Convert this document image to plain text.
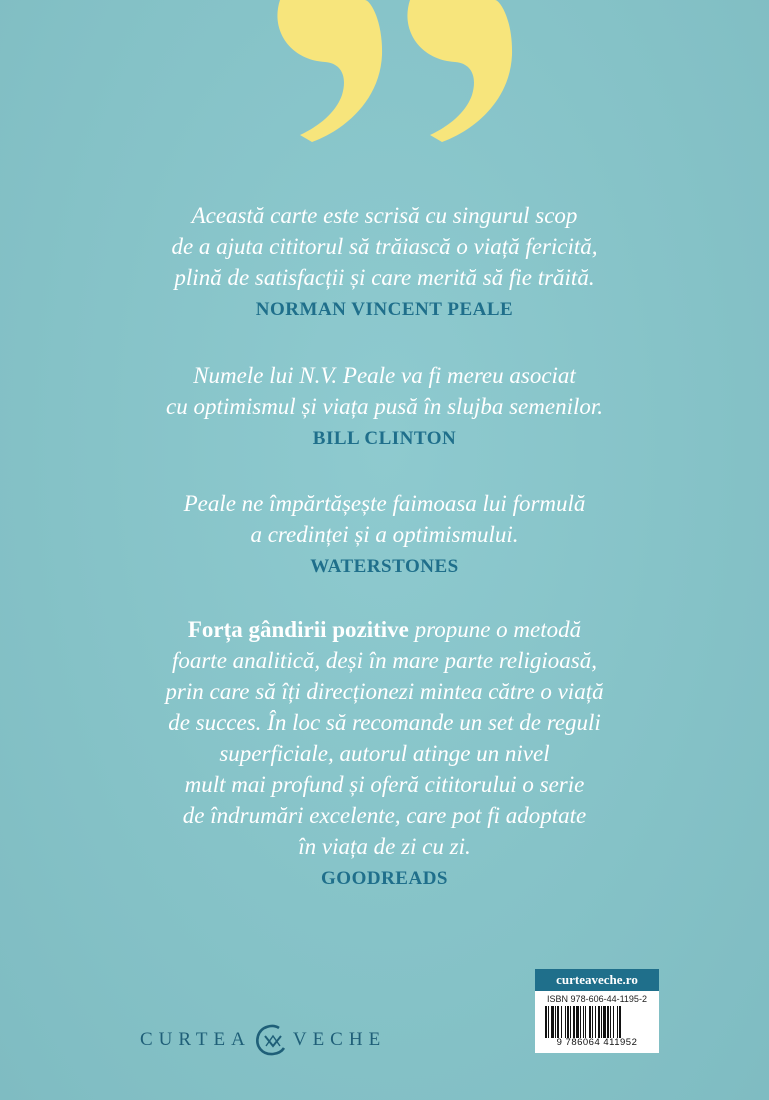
Această carte este scrisă cu singurul scop
de a ajuta cititorul să trăiască o viață fericită,
plină de satisfacții și care merită să fie trăită.
NORMAN VINCENT PEALE
Numele lui N.V. Peale va fi mereu asociat
cu optimismul și viața pusă în slujba semenilor.
BILL CLINTON
Peale ne împărtășește faimoasa lui formulă
a credinței și a optimismului.
WATERSTONES
Forța gândirii pozitive propune o metodă
foarte analitică, deși în mare parte religioasă,
prin care să îți direcționezi mintea către o viață
de succes. În loc să recomande un set de reguli
superficiale, autorul atinge un nivel
mult mai profund și oferă cititorului o serie
de îndrumări excelente, care pot fi adoptate
în viața de zi cu zi.
GOODREADS
CURTEA VECHE
curteaveche.ro
ISBN 978-606-44-1195-2
9 786064 411952
